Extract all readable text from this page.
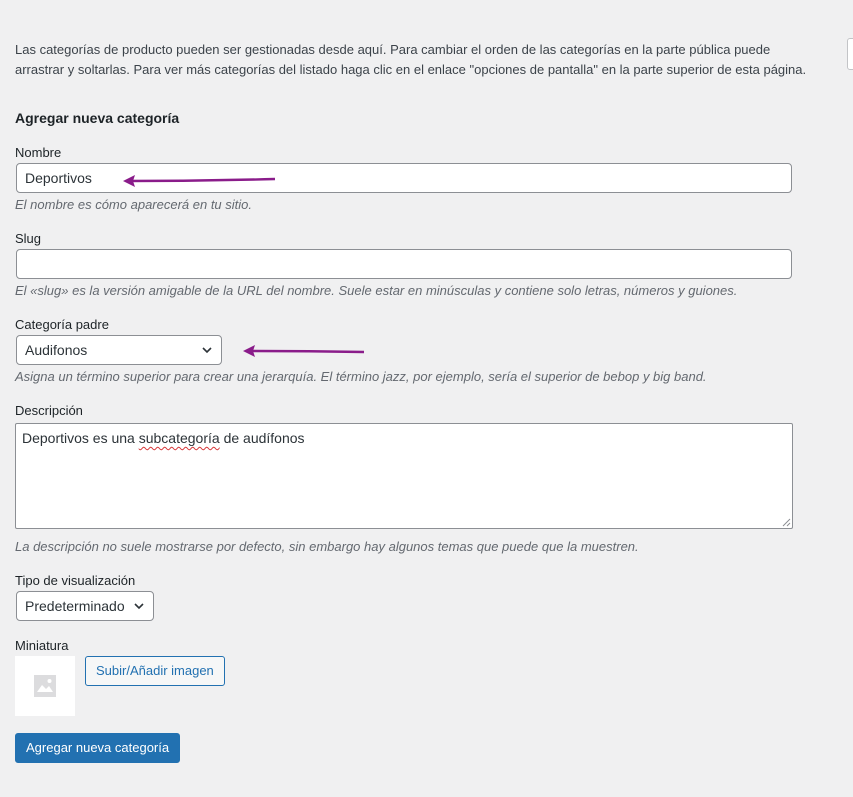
Las categorías de producto pueden ser gestionadas desde aquí. Para cambiar el orden de las categorías en la parte pública puede arrastrar y soltarlas. Para ver más categorías del listado haga clic en el enlace "opciones de pantalla" en la parte superior de esta página.
Agregar nueva categoría
Nombre
Deportivos
El nombre es cómo aparecerá en tu sitio.
Slug
El «slug» es la versión amigable de la URL del nombre. Suele estar en minúsculas y contiene solo letras, números y guiones.
Categoría padre
Audifonos
Asigna un término superior para crear una jerarquía. El término jazz, por ejemplo, sería el superior de bebop y big band.
Descripción
Deportivos es una subcategoría de audífonos
La descripción no suele mostrarse por defecto, sin embargo hay algunos temas que puede que la muestren.
Tipo de visualización
Predeterminado
Miniatura
Subir/Añadir imagen
Agregar nueva categoría
